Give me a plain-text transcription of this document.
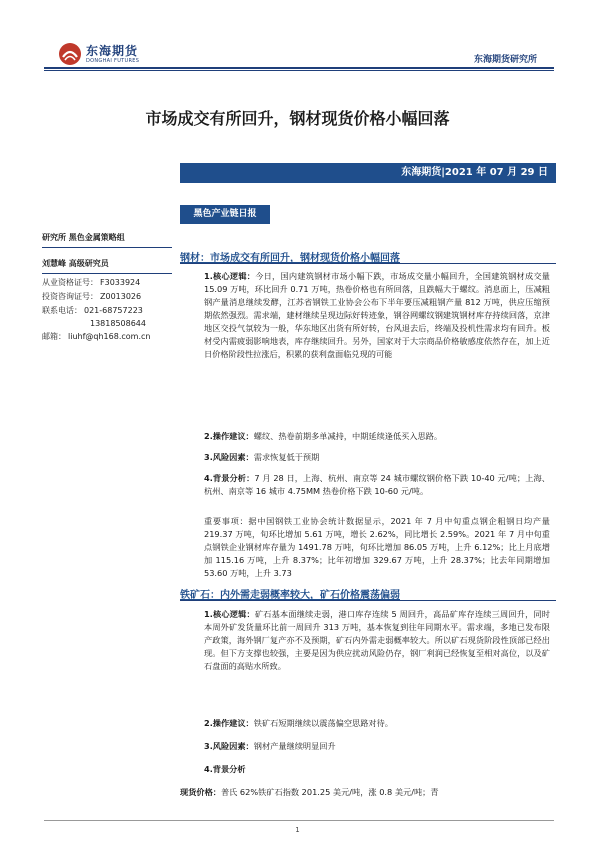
东海期货
DONGHAI FUTURES	东海期货研究所
市场成交有所回升，钢材现货价格小幅回落
东海期货|2021 年 07 月 29 日
黑色产业链日报
研究所 黑色金属策略组
刘慧峰 高级研究员
从业资格证号： F3033924
投资咨询证号： Z0013026
联系电话： 021-68757223
13818508644
邮箱： liuhf@qh168.com.cn
钢材：市场成交有所回升，钢材现货价格小幅回落
1.核心逻辑：今日，国内建筑钢材市场小幅下跌，市场成交量小幅回升，全国建筑钢材成交量 15.09 万吨，环比回升 0.71 万吨，热卷价格也有所回落，且跌幅大于螺纹。消息面上，压减粗钢产量消息继续发酵，江苏省钢铁工业协会公布下半年要压减粗钢产量 812 万吨，供应压缩预期依然强烈。需求端，建材继续呈现边际好转迹象，钢谷网螺纹钢建筑钢材库存持续回落，京津地区交投气氛较为一般，华东地区出货有所好转，台风退去后，终端及投机性需求均有回升。板材受内需疲弱影响地表，库存继续回升。另外，国家对于大宗商品价格敏感度依然存在，加上近日价格阶段性拉涨后，积累的获利盘面临兑现的可能
2.操作建议：螺纹、热卷前期多单减持，中期延续逢低买入思路。
3.风险因素：需求恢复低于预期
4.背景分析：7 月 28 日，上海、杭州、南京等 24 城市螺纹钢价格下跌 10-40 元/吨；上海、杭州、南京等 16 城市 4.75MM 热卷价格下跌 10-60 元/吨。
重要事项：据中国钢铁工业协会统计数据显示，2021 年 7 月中旬重点钢企粗钢日均产量 219.37 万吨，旬环比增加 5.61 万吨，增长 2.62%，同比增长 2.59%。2021 年 7 月中旬重点钢铁企业钢材库存量为 1491.78 万吨，旬环比增加 86.05 万吨，上升 6.12%；比上月底增加 115.16 万吨，上升 8.37%；比年初增加 329.67 万吨，上升 28.37%；比去年同期增加 53.60 万吨，上升 3.73
铁矿石：内外需走弱概率较大，矿石价格震荡偏弱
1.核心逻辑：矿石基本面继续走弱，港口库存连续 5 周回升，高品矿库存连续三周回升，同时本周外矿发货量环比前一周回升 313 万吨，基本恢复到往年同期水平。需求端，多地已发布限产政策，海外钢厂复产亦不及预期，矿石内外需走弱概率较大。所以矿石现货阶段性顶部已经出现。但下方支撑也较强，主要是因为供应扰动风险仍存，钢厂利润已经恢复至相对高位，以及矿石盘面的高贴水所致。
2.操作建议：铁矿石短期继续以震荡偏空思路对待。
3.风险因素：钢材产量继续明显回升
4.背景分析
现货价格：普氏 62%铁矿石指数 201.25 美元/吨，涨 0.8 美元/吨；青
1
